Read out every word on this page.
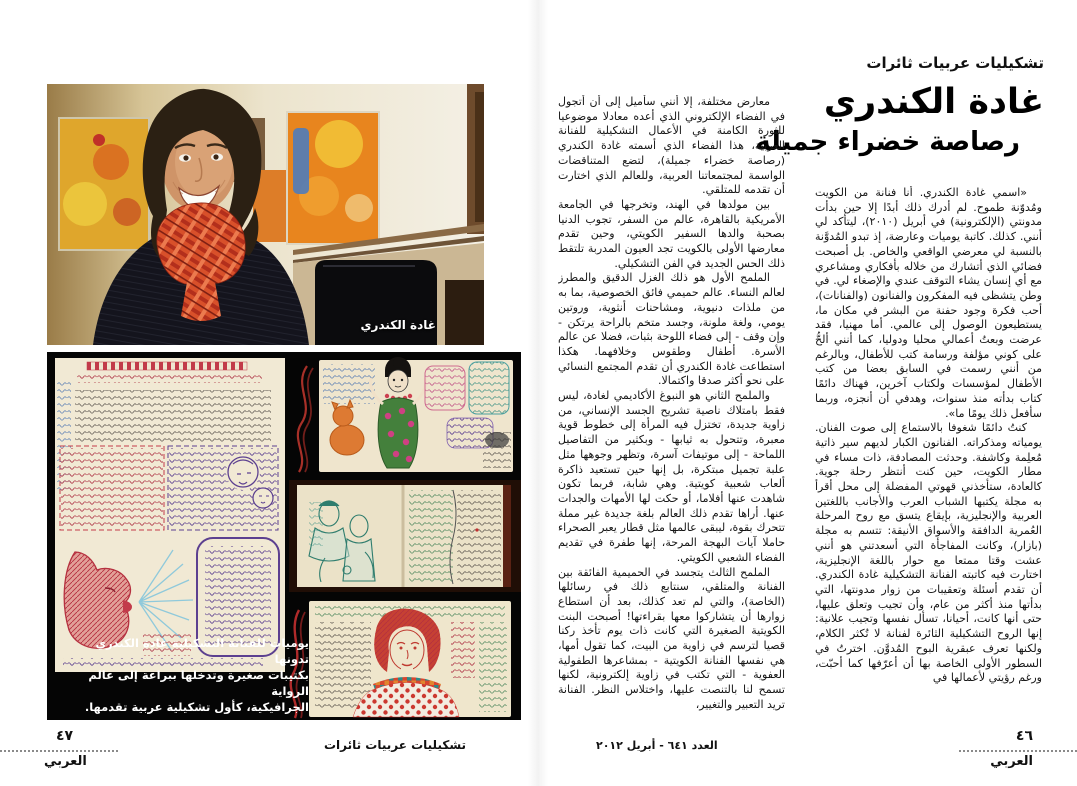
غادة الكندري
يوميات للفنانة التشكيلية غادة الكندري تدونها
بكتيبات صغيرة وتدخلها ببراعة إلى عالم الرواية
الجرافيكية، كأول تشكيلية عربية تقدمها.
تشكيليات عربيات ثائرات
٤٧
العربي
تشكيليات عربيات ثائرات
غادة الكندري
رصاصة خضراء جميلة

«اسمي غادة الكندري. أنا فنانة من الكويت ومُدوّنة طموح. لم أدرك ذلك أبدًا إلا حين بدأت مدونتي (الإلكترونية) في أبريل (٢٠١٠)، ليتأكد لي أنني. كذلك. كاتبة يوميات وعارضة، إذ تبدو المُدوَّنة بالنسبة لي معرضي الواقعي والخاص. بل أصبحت فضائي الذي أتشارك من خلاله بأفكاري ومشاعري مع أي إنسان يشاء التوقف عندي والإصغاء لي. في وطن يتشظى فيه المفكرون والفنانون (والفنانات)، أحب فكرة وجود حفنة من البشر في مكان ما، يستطيعون الوصول إلى عالمي. أما مهنيا، فقد عرضت وبعتُ أعمالي محليا ودوليا، كما أنني ألحُّ على كوني مؤلفة ورسامة كتب للأطفال، وبالرغم من أنني رسمت في السابق بعضا من كتب الأطفال لمؤسسات ولكتاب آخرين، فهناك دائمًا كتاب بدأته منذ سنوات، وهدفي أن أنجزه، وربما سأفعل ذلك يومًا ما».

كنتُ دائمًا شغوفا بالاستماع إلى صوت الفنان. يومياته ومذكراته. الفنانون الكبار لديهم سير ذاتية مُعلِمة وكاشفة. وحدثت المصادفة، ذات مساء في مطار الكويت، حين كنت أنتظر رحلة جوية. كالعادة، ستأخذني قهوتي المفضلة إلى محل أقرأ به مجلة يكتبها الشباب العرب والأجانب باللغتين العربية والإنجليزية، بإيقاع يتسق مع روح المرحلة العُمرية الدافقة والأسواق الأنيقة: تتسم به مجلة (بازار)، وكانت المفاجأة التي أسعدتني هو أنني عشت وقتا ممتعا مع حوار باللغة الإنجليزية، اختارت فيه كاتبته الفنانة التشكيلية غادة الكندري. أن تقدم أسئلة وتعقيبات من زوار مدونتها، التي بدأتها منذ أكثر من عام، وأن تجيب وتعلق عليها، حتى أنها كانت، أحيانا، تسأل نفسها وتجيب علانية: إنها الروح التشكيلية الثائرة لفنانة لا تُكثر الكلام، ولكنها تعرف عبقرية البوح المُدوَّن. اخترتُ في السطور الأولى الخاصة بها أن أعرّفها كما أحبّت، ورغم رؤيتي لأعمالها في

معارض مختلفة، إلا أنني سأميل إلى أن أتجول في الفضاء الإلكتروني الذي أعده معادلا موضوعيا للثورة الكامنة في الأعمال التشكيلية للفنانة العربية، هذا الفضاء الذي أسمته غادة الكندري (رصاصة خضراء جميلة)، لتضع المتناقضات الواسمة لمجتمعاتنا العربية، وللعالم الذي اختارت أن تقدمه للمتلقي.

بين مولدها في الهند، وتخرجها في الجامعة الأمريكية بالقاهرة، عالم من السفر، تجوب الدنيا بصحبة والدها السفير الكويتي، وحين تقدم معارضها الأولى بالكويت تجد العيون المدربة تلتقط ذلك الحس الجديد في الفن التشكيلي.

الملمح الأول هو ذلك الغزل الدقيق والمطرز لعالم النساء. عالم حميمي فائق الخصوصية، بما به من ملذات دنيوية، ومشاحنات أنثوية، وروتين يومي، ولغة ملونة، وجسد متخم بالراحة يرتكن - وإن وقف - إلى فضاء اللوحة بثبات، فضلا عن عالم الأسرة. أطفال وطقوس وخلافهما. هكذا استطاعت غادة الكندري أن تقدم المجتمع النسائي على نحو أكثر صدقا واكتمالا.

والملمح الثاني هو النبوغ الأكاديمي لغادة، ليس فقط بامتلاك ناصية تشريح الجسد الإنساني، من زاوية جديدة، تختزل فيه المرأة إلى خطوط قوية معبرة، وتتحول به ثيابها - وبكثير من التفاصيل اللماحة - إلى موتيفات آسرة، وتظهر وجوهها مثل علبة تجميل مبتكرة، بل إنها حين تستعيد ذاكرة ألعاب شعبية كويتية. وهي شابة، فربما تكون شاهدت عنها أفلاما، أو حكت لها الأمهات والجدات عنها. أراها تقدم ذلك العالم بلغة جديدة غير مملة تتحرك بقوة، ليبقى عالمها مثل قطار يعبر الصحراء حاملا آيات البهجة المرحة، إنها طفرة في تقديم الفضاء الشعبي الكويتي.

الملمح الثالث يتجسد في الحميمية الفائقة بين الفنانة والمتلقي، سنتابع ذلك في رسائلها (الخاصة)، والتي لم تعد كذلك، بعد أن استطاع زوارها أن يتشاركوا معها بقراءتها! أصبحت البنت الكويتية الصغيرة التي كانت ذات يوم تأخذ ركنا قصيا لترسم في زاوية من البيت، كما تقول أمها، هي نفسها الفنانة الكويتية - بمشاعرها الطفولية العفوية - التي تكتب في زاوية إلكترونية، لكنها تسمح لنا بالتنصت عليها، واختلاس النظر. الفنانة تريد التعبير والتغيير،

العدد ٦٤١ - أبريل ٢٠١٢
٤٦
العربي
